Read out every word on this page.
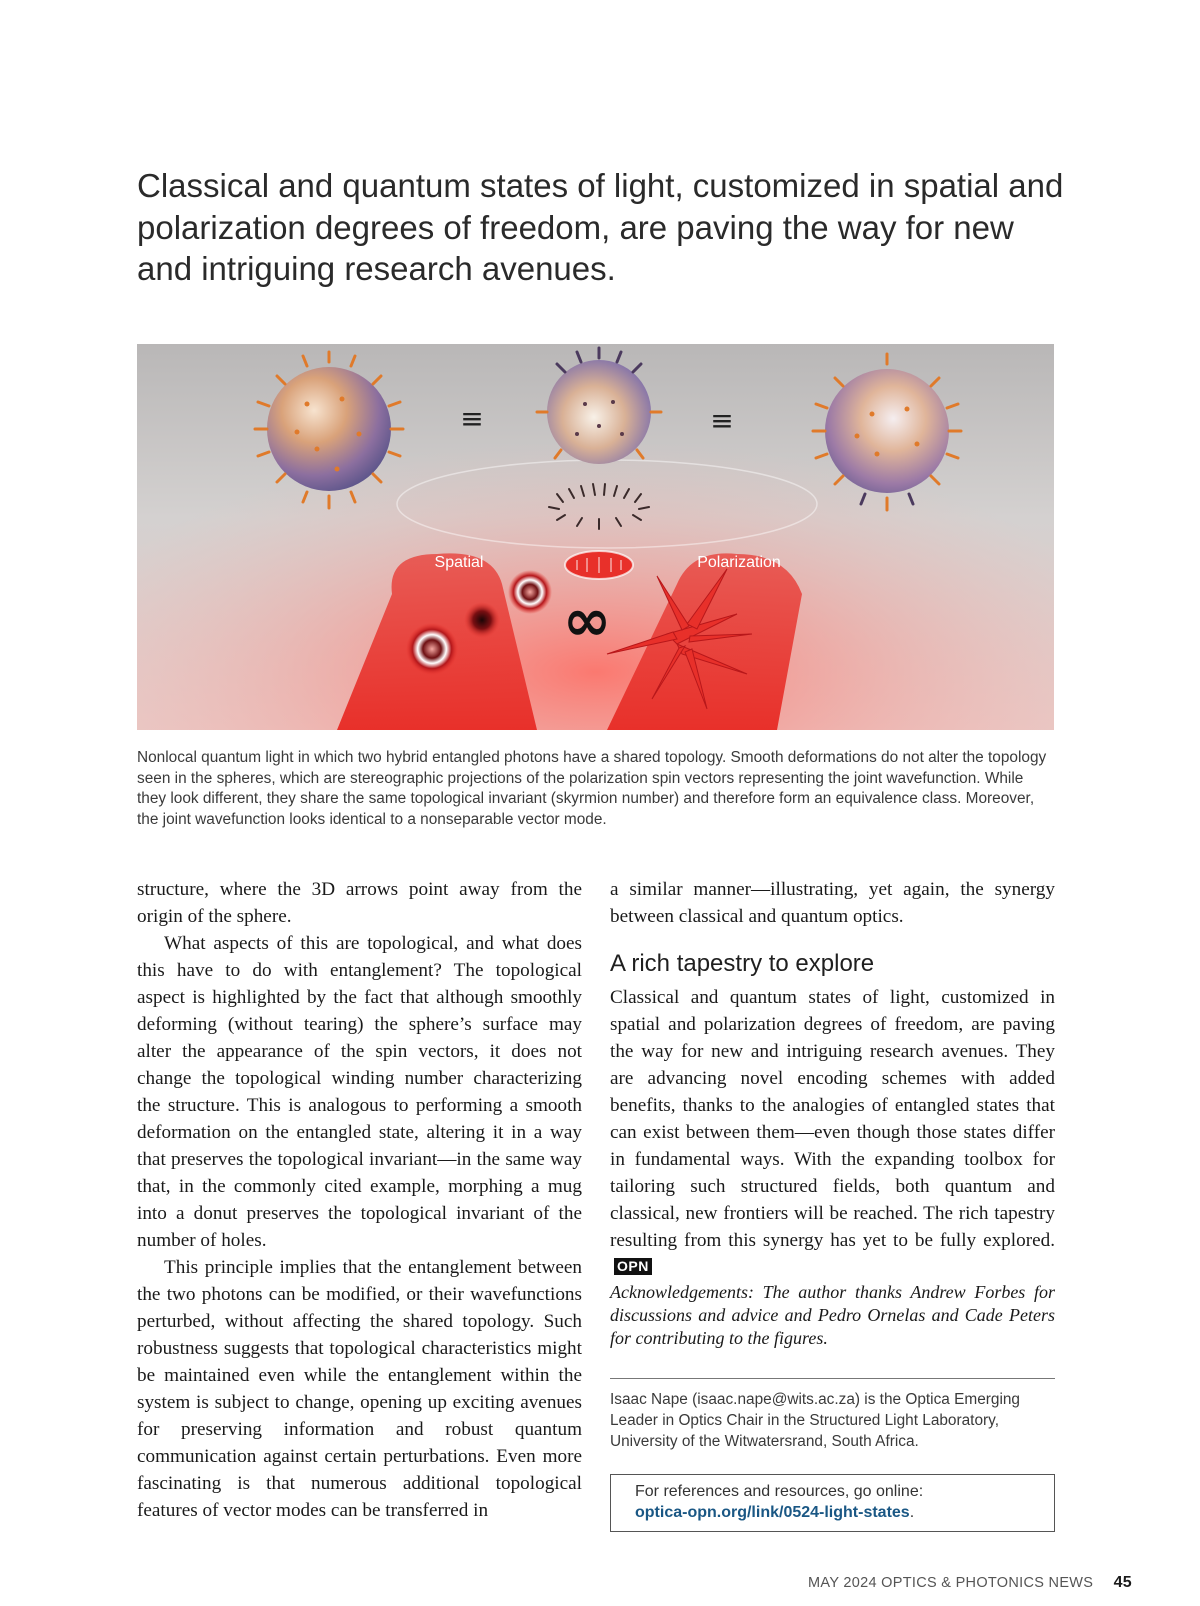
Classical and quantum states of light, customized in spatial and polarization degrees of freedom, are paving the way for new and intriguing research avenues.
≡	≡
∞
Spatial	Polarization
Nonlocal quantum light in which two hybrid entangled photons have a shared topology. Smooth deformations do not alter the topology seen in the spheres, which are stereographic projections of the polarization spin vectors representing the joint wavefunction. While they look different, they share the same topological invariant (skyrmion number) and therefore form an equivalence class. Moreover, the joint wavefunction looks identical to a nonseparable vector mode.

structure, where the 3D arrows point away from the origin of the sphere.

What aspects of this are topological, and what does this have to do with entanglement? The topological aspect is highlighted by the fact that although smoothly deforming (without tearing) the sphere’s surface may alter the appearance of the spin vectors, it does not change the topological winding number characterizing the structure. This is analogous to performing a smooth deformation on the entangled state, altering it in a way that preserves the topological invariant—in the same way that, in the commonly cited example, morphing a mug into a donut preserves the topological invariant of the number of holes.

This principle implies that the entanglement between the two photons can be modified, or their wavefunctions perturbed, without affecting the shared topology. Such robustness suggests that topological characteristics might be maintained even while the entanglement within the system is subject to change, opening up exciting avenues for preserving information and robust quantum communication against certain perturbations. Even more fascinating is that numerous additional topological features of vector modes can be transferred in

a similar manner—illustrating, yet again, the synergy between classical and quantum optics.

A rich tapestry to explore

Classical and quantum states of light, customized in spatial and polarization degrees of freedom, are paving the way for new and intriguing research avenues. They are advancing novel encoding schemes with added benefits, thanks to the analogies of entangled states that can exist between them—even though those states differ in fundamental ways. With the expanding toolbox for tailoring such structured fields, both quantum and classical, new frontiers will be reached. The rich tapestry resulting from this synergy has yet to be fully explored.OPN

Acknowledgements: The author thanks Andrew Forbes for discussions and advice and Pedro Ornelas and Cade Peters for contributing to the figures.

Isaac Nape (isaac.nape@wits.ac.za) is the Optica Emerging Leader in Optics Chair in the Structured Light Laboratory, University of the Witwatersrand, South Africa.

For references and resources, go online:
optica-opn.org/link/0524-light-states.
MAY 2024 OPTICS & PHOTONICS NEWS 45
